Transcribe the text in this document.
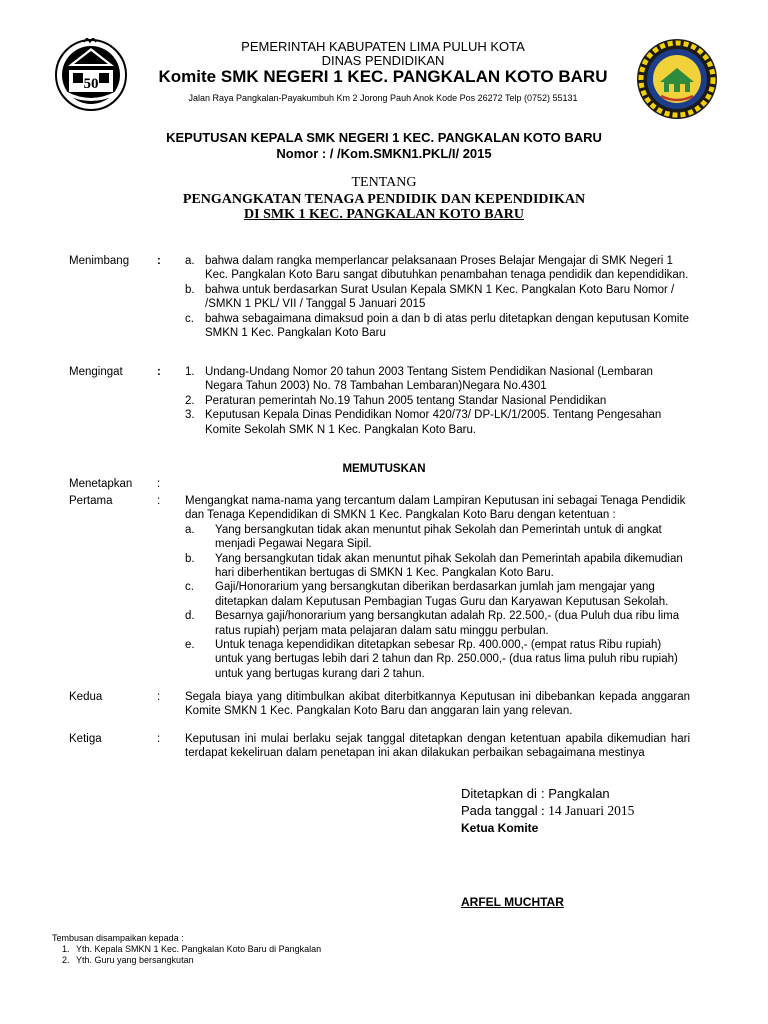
50
PEMERINTAH KABUPATEN LIMA PULUH KOTA
DINAS PENDIDIKAN
Komite SMK NEGERI 1 KEC. PANGKALAN KOTO BARU
Jalan Raya Pangkalan-Payakumbuh Km 2 Jorong Pauh Anok Kode Pos 26272 Telp (0752) 55131
KEPUTUSAN KEPALA SMK NEGERI 1 KEC. PANGKALAN KOTO BARU
Nomor : / /Kom.SMKN1.PKL/I/ 2015
TENTANG
PENGANGKATAN TENAGA PENDIDIK DAN KEPENDIDIKAN
DI SMK 1 KEC. PANGKALAN KOTO BARU
Menimbang : a. bahwa dalam rangka memperlancar pelaksanaan Proses Belajar Mengajar di SMK Negeri 1 Kec. Pangkalan Koto Baru sangat dibutuhkan penambahan tenaga pendidik dan kependidikan.
b. bahwa untuk berdasarkan Surat Usulan Kepala SMKN 1 Kec. Pangkalan Koto Baru Nomor / /SMKN 1 PKL/ VII / Tanggal 5 Januari 2015
c. bahwa sebagaimana dimaksud poin a dan b di atas perlu ditetapkan dengan keputusan Komite SMKN 1 Kec. Pangkalan Koto Baru
Mengingat	: 1. Undang-Undang Nomor 20 tahun 2003 Tentang Sistem Pendidikan Nasional (Lembaran Negara Tahun 2003) No. 78 Tambahan Lembaran)Negara No.4301
2. Peraturan pemerintah No.19 Tahun 2005 tentang Standar Nasional Pendidikan
3. Keputusan Kepala Dinas Pendidikan Nomor 420/73/ DP-LK/1/2005. Tentang Pengesahan Komite Sekolah SMK N 1 Kec. Pangkalan Koto Baru.
MEMUTUSKAN
Menetapkan :
Pertama	: Mengangkat nama-nama yang tercantum dalam Lampiran Keputusan ini sebagai Tenaga Pendidik dan Tenaga Kependidikan di SMKN 1 Kec. Pangkalan Koto Baru dengan ketentuan :
a. Yang bersangkutan tidak akan menuntut pihak Sekolah dan Pemerintah untuk di angkat menjadi Pegawai Negara Sipil.
b. Yang bersangkutan tidak akan menuntut pihak Sekolah dan Pemerintah apabila dikemudian hari diberhentikan bertugas di SMKN 1 Kec. Pangkalan Koto Baru.
c. Gaji/Honorarium yang bersangkutan diberikan berdasarkan jumlah jam mengajar yang ditetapkan dalam Keputusan Pembagian Tugas Guru dan Karyawan Keputusan Sekolah.
d. Besarnya gaji/honorarium yang bersangkutan adalah Rp. 22.500,- (dua Puluh dua ribu lima ratus rupiah) perjam mata pelajaran dalam satu minggu perbulan.
e. Untuk tenaga kependidikan ditetapkan sebesar Rp. 400.000,- (empat ratus Ribu rupiah) untuk yang bertugas lebih dari 2 tahun dan Rp. 250.000,- (dua ratus lima puluh ribu rupiah) untuk yang bertugas kurang dari 2 tahun.
Kedua	: Segala biaya yang ditimbulkan akibat diterbitkannya Keputusan ini dibebankan kepada anggaran Komite SMKN 1 Kec. Pangkalan Koto Baru dan anggaran lain yang relevan.
Ketiga	: Keputusan ini mulai berlaku sejak tanggal ditetapkan dengan ketentuan apabila dikemudian hari terdapat kekeliruan dalam penetapan ini akan dilakukan perbaikan sebagaimana mestinya
Ditetapkan di : Pangkalan
Pada tanggal : 14 Januari 2015
Ketua Komite
ARFEL MUCHTAR
Tembusan disampaikan kepada :
1. Yth. Kepala SMKN 1 Kec. Pangkalan Koto Baru di Pangkalan
2. Yth. Guru yang bersangkutan
